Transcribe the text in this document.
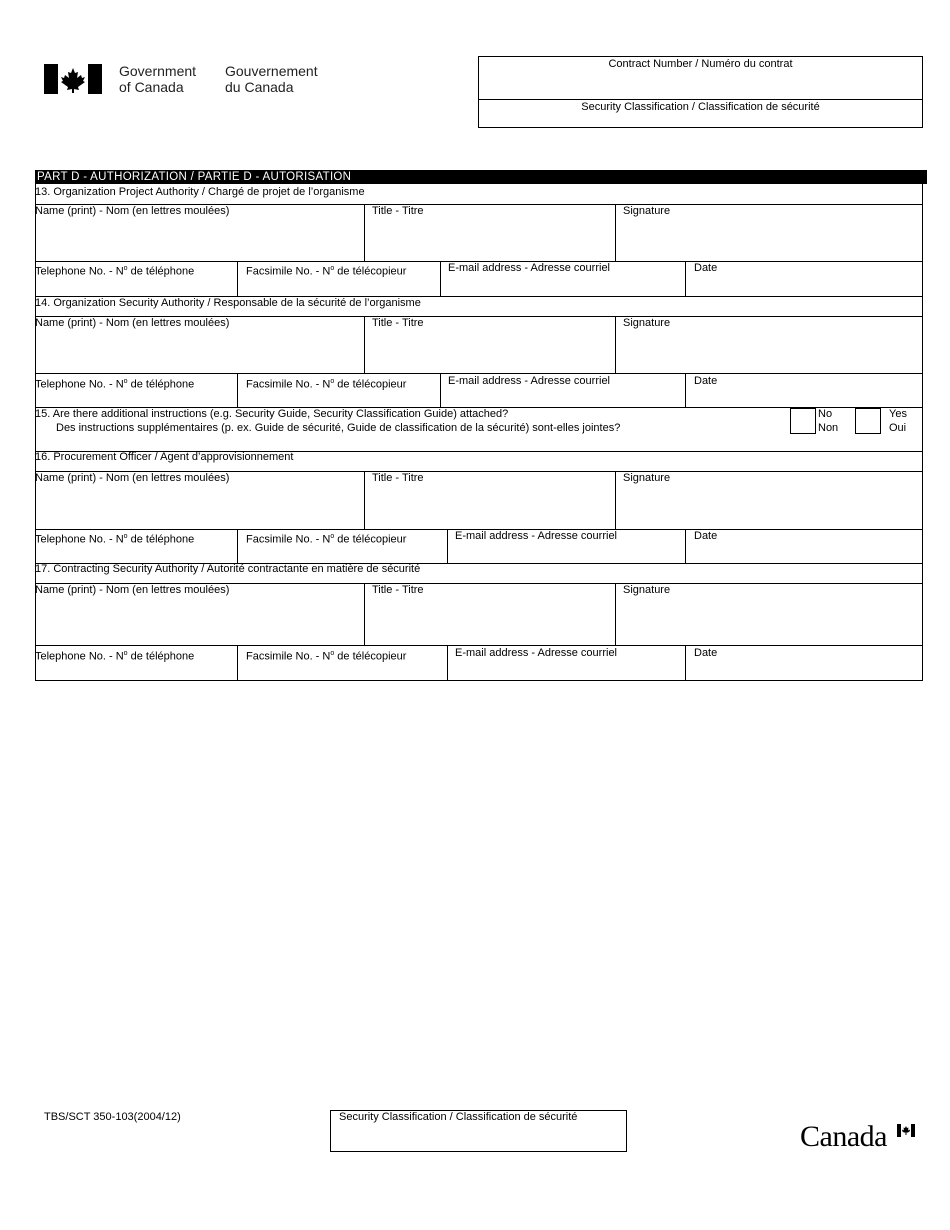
Government
of Canada
Gouvernement
du Canada
Contract Number / Numéro du contrat
Security Classification / Classification de sécurité
PART D - AUTHORIZATION / PARTIE D - AUTORISATION
13. Organization Project Authority / Chargé de projet de l’organisme
Name (print) - Nom (en lettres moulées)	Title - Titre	Signature
Telephone No. - $N^o$ de téléphone	Facsimile No. - $N^o$ de télécopieur	E-mail address - Adresse courriel	Date
14. Organization Security Authority / Responsable de la sécurité de l’organisme
Name (print) - Nom (en lettres moulées)	Title - Titre	Signature
Telephone No. - $N^o$ de téléphone	Facsimile No. - $N^o$ de télécopieur	E-mail address - Adresse courriel	Date
15. Are there additional instructions (e.g. Security Guide, Security Classification Guide) attached?
Des instructions supplémentaires (p. ex. Guide de sécurité, Guide de classification de la sécurité) sont-elles jointes?
No
Non
Yes
Oui
16. Procurement Officer / Agent d’approvisionnement
Name (print) - Nom (en lettres moulées)	Title - Titre	Signature
Telephone No. - $N^o$ de téléphone	Facsimile No. - $N^o$ de télécopieur	E-mail address - Adresse courriel	Date
17. Contracting Security Authority / Autorité contractante en matière de sécurité
Name (print) - Nom (en lettres moulées)	Title - Titre	Signature
Telephone No. - $N^o$ de téléphone	Facsimile No. - $N^o$ de télécopieur	E-mail address - Adresse courriel	Date
TBS/SCT 350-103(2004/12)	Security Classification / Classification de sécurité
Canada
